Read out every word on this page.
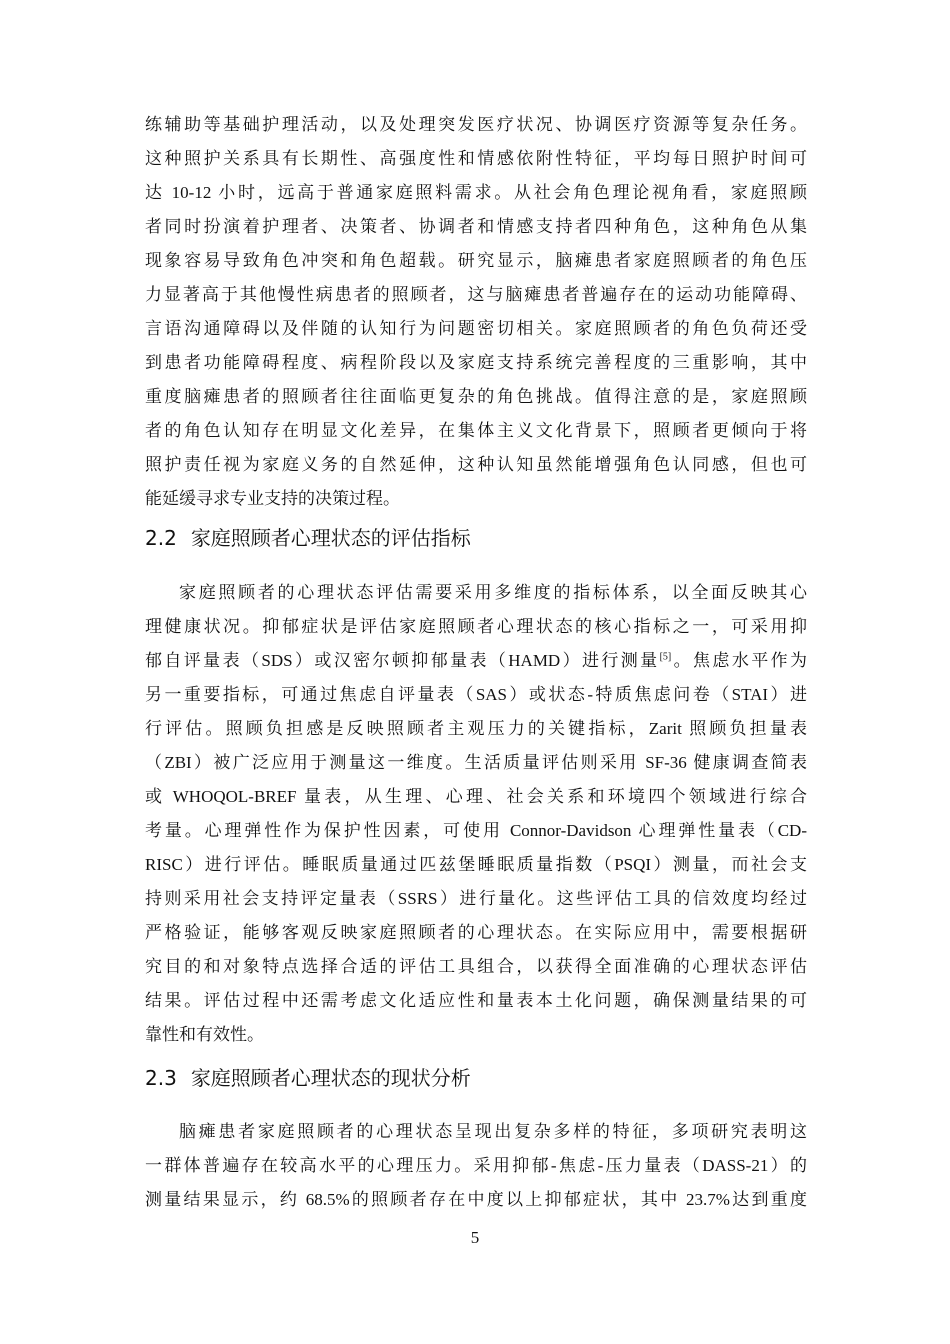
练辅助等基础护理活动，以及处理突发医疗状况、协调医疗资源等复杂任务。
这种照护关系具有长期性、高强度性和情感依附性特征，平均每日照护时间可
达 10-12 小时，远高于普通家庭照料需求。从社会角色理论视角看，家庭照顾
者同时扮演着护理者、决策者、协调者和情感支持者四种角色，这种角色从集
现象容易导致角色冲突和角色超载。研究显示，脑瘫患者家庭照顾者的角色压
力显著高于其他慢性病患者的照顾者，这与脑瘫患者普遍存在的运动功能障碍、
言语沟通障碍以及伴随的认知行为问题密切相关。家庭照顾者的角色负荷还受
到患者功能障碍程度、病程阶段以及家庭支持系统完善程度的三重影响，其中
重度脑瘫患者的照顾者往往面临更复杂的角色挑战。值得注意的是，家庭照顾
者的角色认知存在明显文化差异，在集体主义文化背景下，照顾者更倾向于将
照护责任视为家庭义务的自然延伸，这种认知虽然能增强角色认同感，但也可
能延缓寻求专业支持的决策过程。
2.2 家庭照顾者心理状态的评估指标
家庭照顾者的心理状态评估需要采用多维度的指标体系，以全面反映其心
理健康状况。抑郁症状是评估家庭照顾者心理状态的核心指标之一，可采用抑
郁自评量表（SDS）或汉密尔顿抑郁量表（HAMD）进行测量[5]。焦虑水平作为
另一重要指标，可通过焦虑自评量表（SAS）或状态-特质焦虑问卷（STAI）进
行评估。照顾负担感是反映照顾者主观压力的关键指标，Zarit 照顾负担量表
（ZBI）被广泛应用于测量这一维度。生活质量评估则采用 SF-36 健康调查简表
或 WHOQOL-BREF 量表，从生理、心理、社会关系和环境四个领域进行综合
考量。心理弹性作为保护性因素，可使用 Connor-Davidson 心理弹性量表（CD-
RISC）进行评估。睡眠质量通过匹兹堡睡眠质量指数（PSQI）测量，而社会支
持则采用社会支持评定量表（SSRS）进行量化。这些评估工具的信效度均经过
严格验证，能够客观反映家庭照顾者的心理状态。在实际应用中，需要根据研
究目的和对象特点选择合适的评估工具组合，以获得全面准确的心理状态评估
结果。评估过程中还需考虑文化适应性和量表本土化问题，确保测量结果的可
靠性和有效性。
2.3 家庭照顾者心理状态的现状分析
脑瘫患者家庭照顾者的心理状态呈现出复杂多样的特征，多项研究表明这
一群体普遍存在较高水平的心理压力。采用抑郁-焦虑-压力量表（DASS-21）的
测量结果显示，约 68.5%的照顾者存在中度以上抑郁症状，其中 23.7%达到重度
5
